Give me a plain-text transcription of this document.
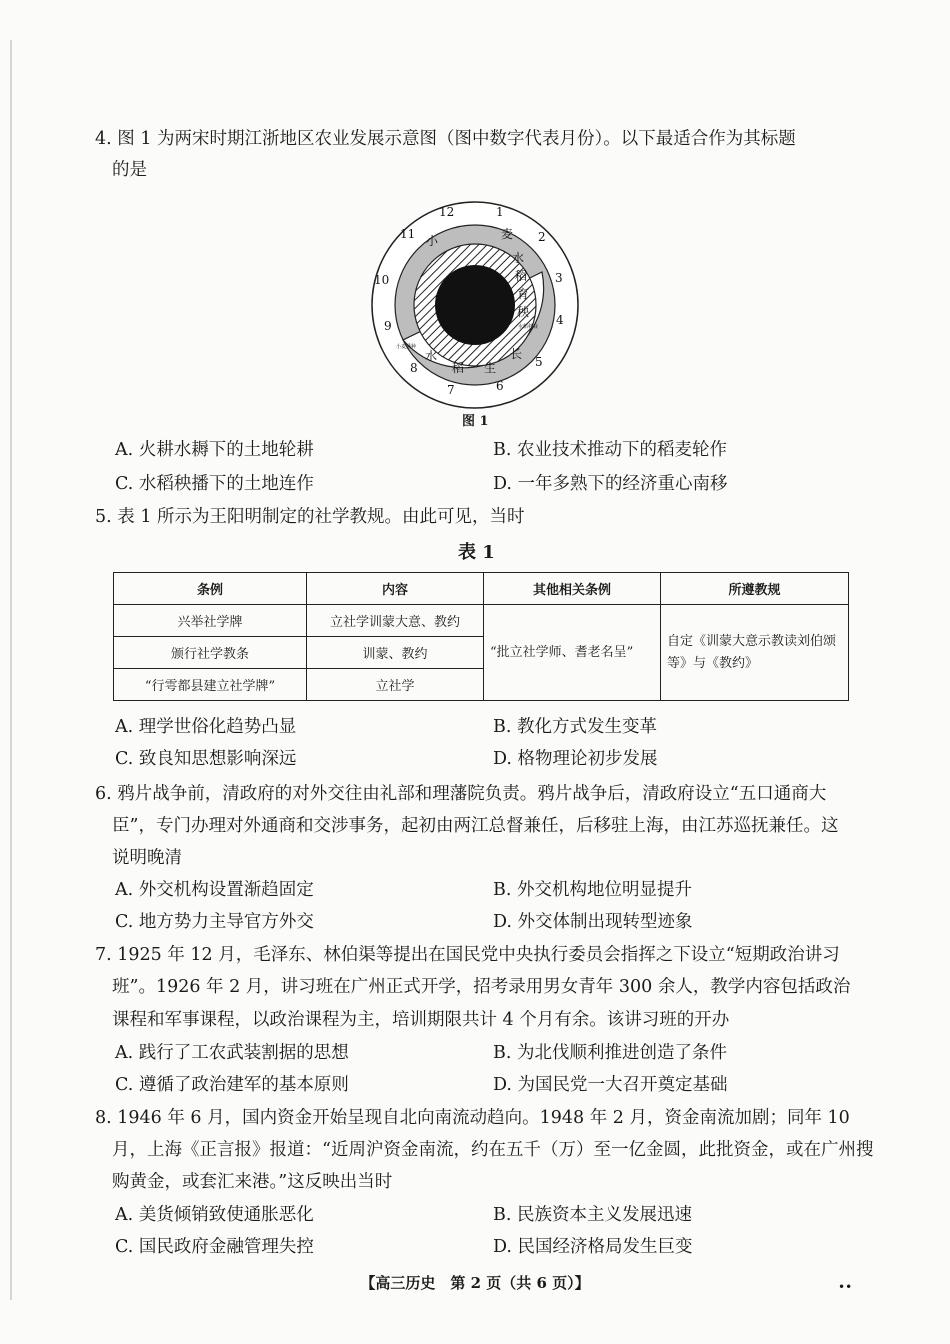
4. 图 1 为两宋时期江浙地区农业发展示意图（图中数字代表月份）。以下最适合作为其标题
的是
12	1
2
3
4
5
6
7
8
9
10
11 小	麦
水
稻
育
秧
水
稻 生
长
水稻移栽
小麦播种
图 1
A. 火耕水耨下的土地轮耕	B. 农业技术推动下的稻麦轮作
C. 水稻秧播下的土地连作	D. 一年多熟下的经济重心南移
5. 表 1 所示为王阳明制定的社学教规。由此可见，当时
表 1
条例	内容	其他相关条例	所遵教规
兴举社学牌	立社学训蒙大意、教约	“批立社学师、耆老名呈”	自定《训蒙大意示教读刘伯颂等》与《教约》
颁行社学教条	训蒙、教约		
“行雩都县建立社学牌”	立社学		
A. 理学世俗化趋势凸显	B. 教化方式发生变革
C. 致良知思想影响深远	D. 格物理论初步发展
6. 鸦片战争前，清政府的对外交往由礼部和理藩院负责。鸦片战争后，清政府设立“五口通商大
臣”，专门办理对外通商和交涉事务，起初由两江总督兼任，后移驻上海，由江苏巡抚兼任。这
说明晚清
A. 外交机构设置渐趋固定	B. 外交机构地位明显提升
C. 地方势力主导官方外交	D. 外交体制出现转型迹象
7. 1925 年 12 月，毛泽东、林伯渠等提出在国民党中央执行委员会指挥之下设立“短期政治讲习
班”。1926 年 2 月，讲习班在广州正式开学，招考录用男女青年 300 余人，教学内容包括政治
课程和军事课程，以政治课程为主，培训期限共计 4 个月有余。该讲习班的开办
A. 践行了工农武装割据的思想	B. 为北伐顺利推进创造了条件
C. 遵循了政治建军的基本原则	D. 为国民党一大召开奠定基础
8. 1946 年 6 月，国内资金开始呈现自北向南流动趋向。1948 年 2 月，资金南流加剧；同年 10
月，上海《正言报》报道：“近周沪资金南流，约在五千（万）至一亿金圆，此批资金，或在广州搜
购黄金，或套汇来港。”这反映出当时
A. 美货倾销致使通胀恶化	B. 民族资本主义发展迅速
C. 国民政府金融管理失控	D. 民国经济格局发生巨变
【高三历史　第 2 页（共 6 页）】	••
